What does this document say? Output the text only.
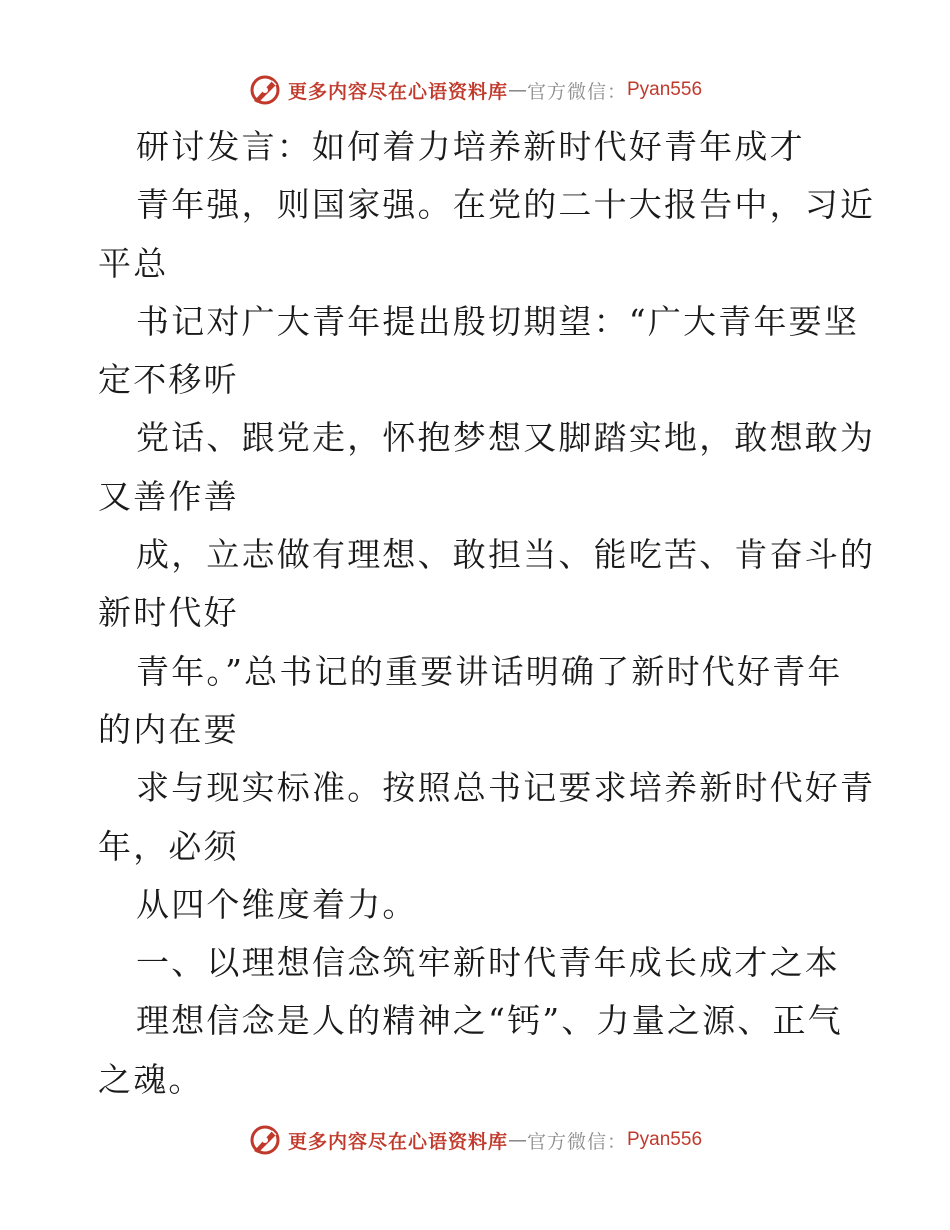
更多内容尽在心语资料库 — 官方微信： Pyan556
研讨发言：如何着力培养新时代好青年成才
青年强，则国家强。在党的二十大报告中，习近
平总
书记对广大青年提出殷切期望：“广大青年要坚
定不移听
党话、跟党走，怀抱梦想又脚踏实地，敢想敢为
又善作善
成，立志做有理想、敢担当、能吃苦、肯奋斗的
新时代好
青年。”总书记的重要讲话明确了新时代好青年
的内在要
求与现实标准。按照总书记要求培养新时代好青
年，必须
从四个维度着力。
一、以理想信念筑牢新时代青年成长成才之本
理想信念是人的精神之“钙”、力量之源、正气
之魂。
更多内容尽在心语资料库 — 官方微信： Pyan556
